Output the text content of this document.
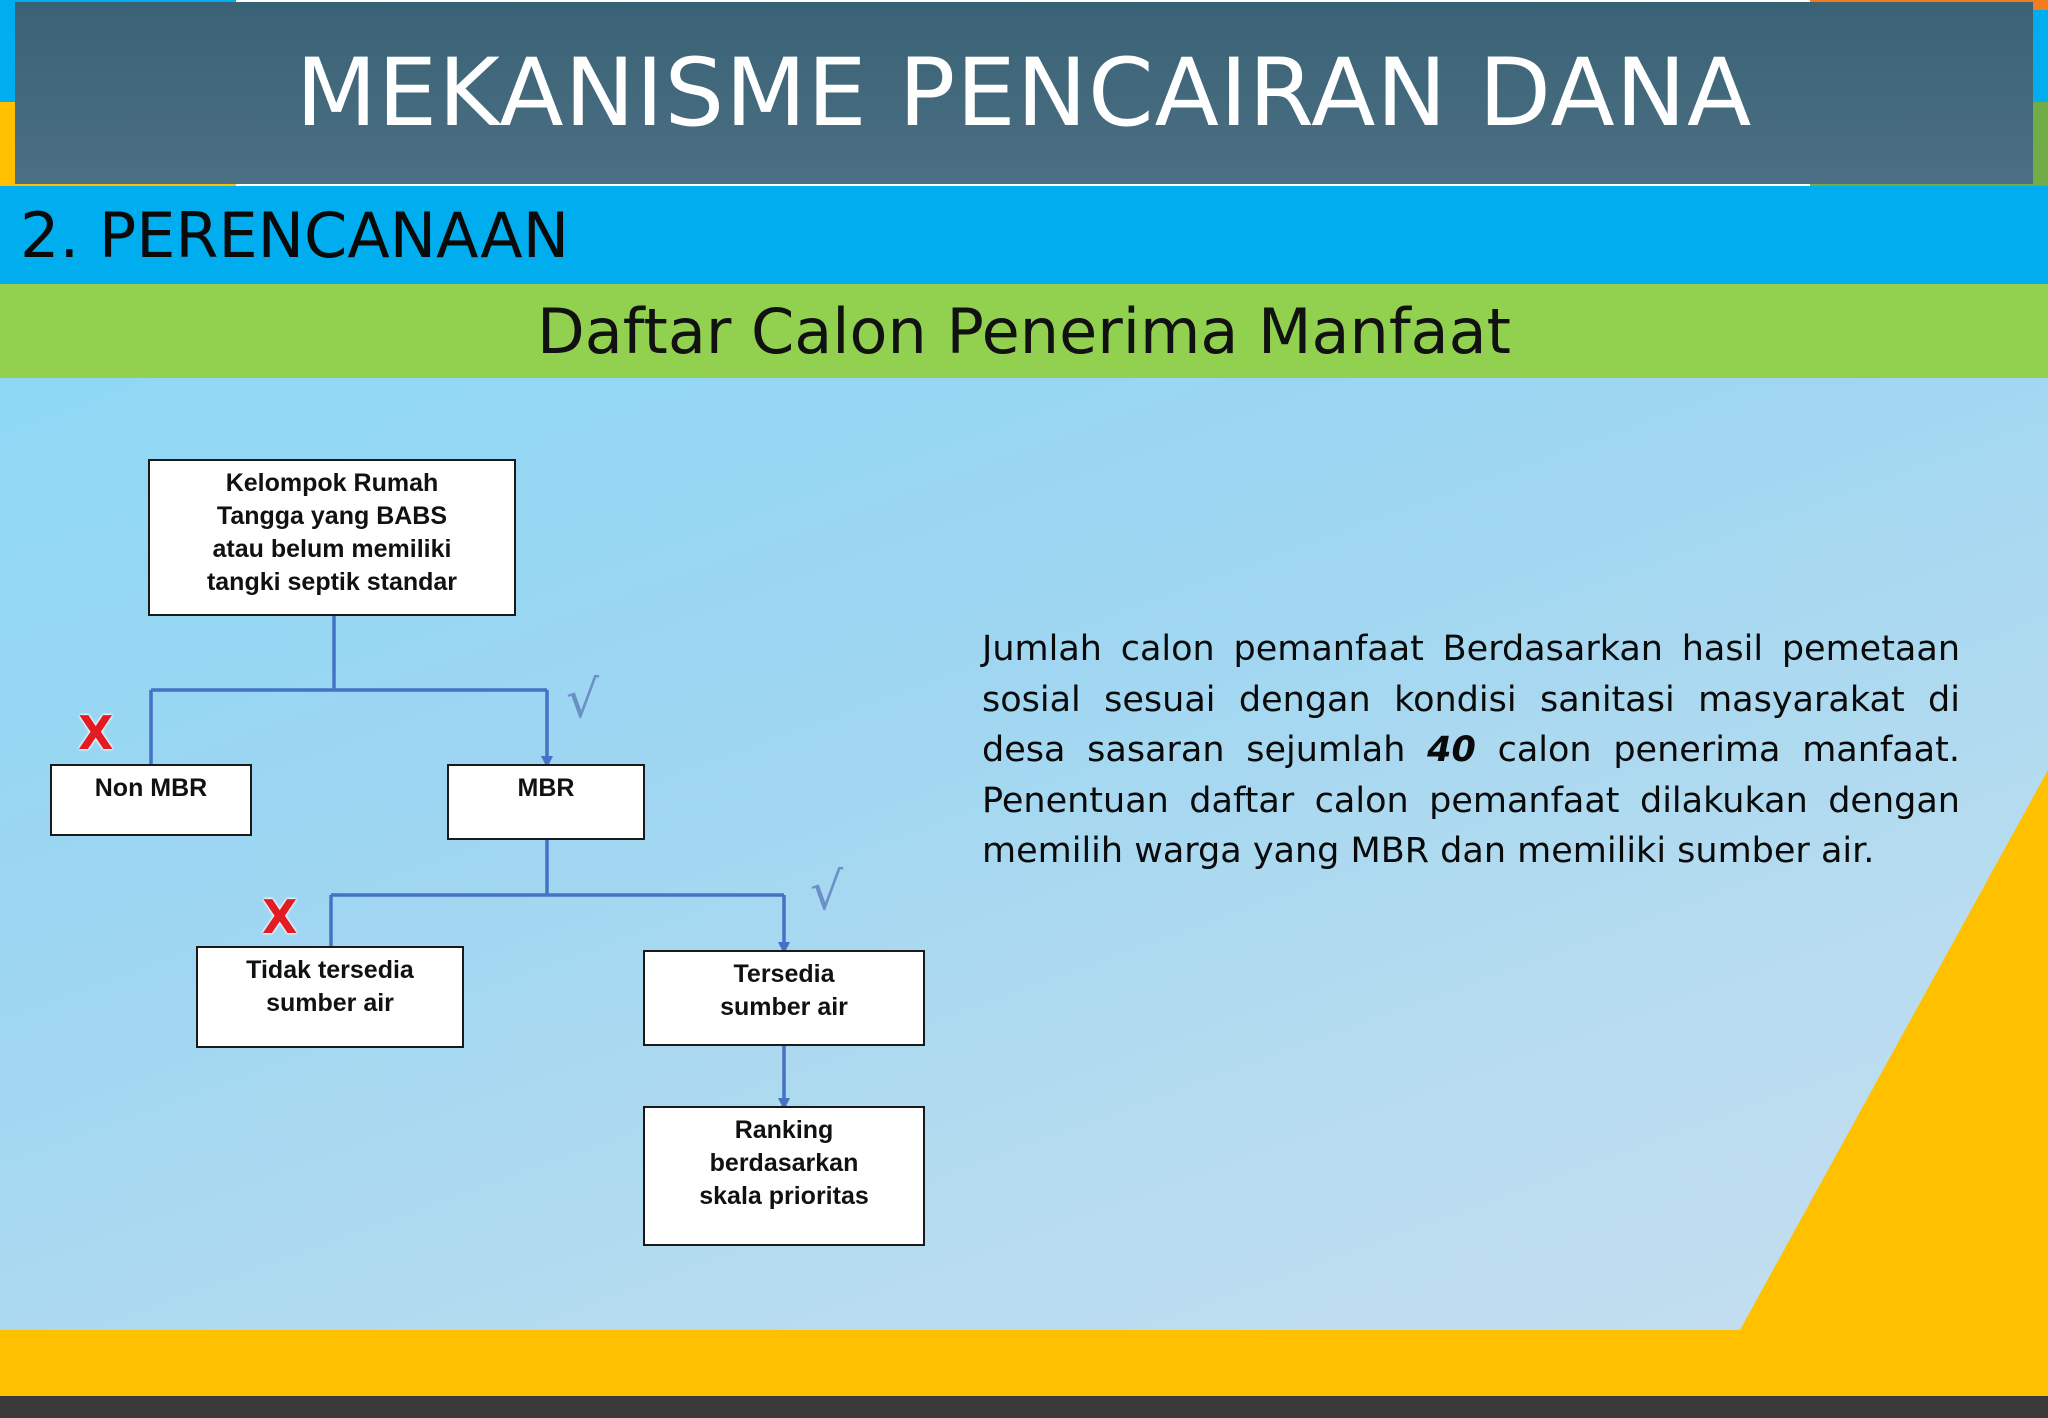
MEKANISME PENCAIRAN DANA
2. PERENCANAAN
Daftar Calon Penerima Manfaat
Kelompok Rumah
Tangga yang BABS
atau belum memiliki
tangki septik standar
Non MBR	MBR
Tidak tersedia
sumber air
Tersedia
sumber air
Ranking
berdasarkan
skala prioritas
X
X
√
√
Jumlah calon pemanfaat Berdasarkan hasil pemetaan sosial sesuai dengan kondisi sanitasi masyarakat di desa sasaran sejumlah 40 calon penerima manfaat. Penentuan daftar calon pemanfaat dilakukan dengan memilih warga yang MBR dan memiliki sumber air.
